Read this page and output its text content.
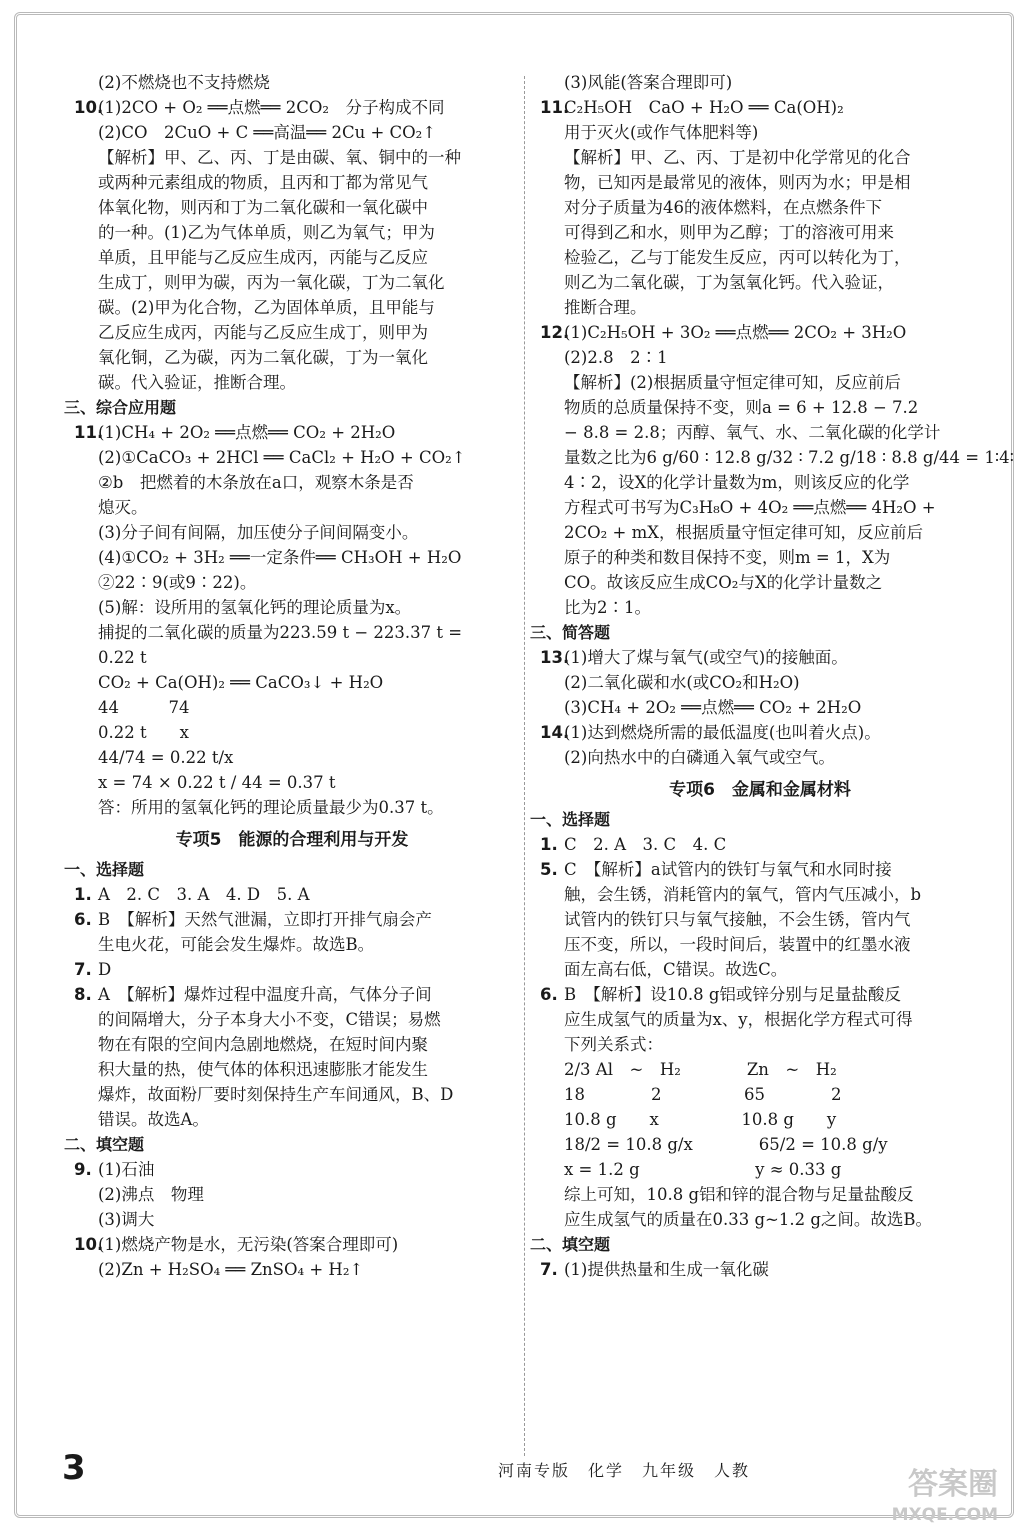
(2)不燃烧也不支持燃烧
10.(1)2CO + O₂ ══点燃══ 2CO₂　分子构成不同
(2)CO　2CuO + C ══高温══ 2Cu + CO₂↑
【解析】甲、乙、丙、丁是由碳、氧、铜中的一种
或两种元素组成的物质，且丙和丁都为常见气
体氧化物，则丙和丁为二氧化碳和一氧化碳中
的一种。(1)乙为气体单质，则乙为氧气；甲为
单质，且甲能与乙反应生成丙，丙能与乙反应
生成丁，则甲为碳，丙为一氧化碳，丁为二氧化
碳。(2)甲为化合物，乙为固体单质，且甲能与
乙反应生成丙，丙能与乙反应生成丁，则甲为
氧化铜，乙为碳，丙为二氧化碳，丁为一氧化
碳。代入验证，推断合理。
三、综合应用题
11.(1)CH₄ + 2O₂ ══点燃══ CO₂ + 2H₂O
(2)①CaCO₃ + 2HCl ══ CaCl₂ + H₂O + CO₂↑
②b　把燃着的木条放在a口，观察木条是否
熄灭。
(3)分子间有间隔，加压使分子间间隔变小。
(4)①CO₂ + 3H₂ ══一定条件══ CH₃OH + H₂O
②22∶9(或9∶22)。
(5)解：设所用的氢氧化钙的理论质量为x。
捕捉的二氧化碳的质量为223.59 t − 223.37 t =
0.22 t
CO₂ + Ca(OH)₂ ══ CaCO₃↓ + H₂O
44　　　74
0.22 t　　x
44/74 = 0.22 t/x
x = 74 × 0.22 t / 44 = 0.37 t
答：所用的氢氧化钙的理论质量最少为0.37 t。
专项5　能源的合理利用与开发
一、选择题
1. A　2. C　3. A　4. D　5. A
6. B　【解析】天然气泄漏，立即打开排气扇会产
生电火花，可能会发生爆炸。故选B。
7. D
8. A　【解析】爆炸过程中温度升高，气体分子间
的间隔增大，分子本身大小不变，C错误；易燃
物在有限的空间内急剧地燃烧，在短时间内聚
积大量的热，使气体的体积迅速膨胀才能发生
爆炸，故面粉厂要时刻保持生产车间通风，B、D
错误。故选A。
二、填空题
9. (1)石油
(2)沸点　物理
(3)调大
10.(1)燃烧产物是水，无污染(答案合理即可)
(2)Zn + H₂SO₄ ══ ZnSO₄ + H₂↑
(3)风能(答案合理即可)
11.C₂H₅OH　CaO + H₂O ══ Ca(OH)₂
用于灭火(或作气体肥料等)
【解析】甲、乙、丙、丁是初中化学常见的化合
物，已知丙是最常见的液体，则丙为水；甲是相
对分子质量为46的液体燃料，在点燃条件下
可得到乙和水，则甲为乙醇；丁的溶液可用来
检验乙，乙与丁能发生反应，丙可以转化为丁，
则乙为二氧化碳，丁为氢氧化钙。代入验证，
推断合理。
12.(1)C₂H₅OH + 3O₂ ══点燃══ 2CO₂ + 3H₂O
(2)2.8　2∶1
【解析】(2)根据质量守恒定律可知，反应前后
物质的总质量保持不变，则a = 6 + 12.8 − 7.2
− 8.8 = 2.8；丙醇、氧气、水、二氧化碳的化学计
量数之比为6 g/60 ∶ 12.8 g/32 ∶ 7.2 g/18 ∶ 8.8 g/44 = 1∶4∶
4∶2，设X的化学计量数为m，则该反应的化学
方程式可书写为C₃H₈O + 4O₂ ══点燃══ 4H₂O +
2CO₂ + mX，根据质量守恒定律可知，反应前后
原子的种类和数目保持不变，则m = 1，X为
CO。故该反应生成CO₂与X的化学计量数之
比为2∶1。
三、简答题
13.(1)增大了煤与氧气(或空气)的接触面。
(2)二氧化碳和水(或CO₂和H₂O)
(3)CH₄ + 2O₂ ══点燃══ CO₂ + 2H₂O
14.(1)达到燃烧所需的最低温度(也叫着火点)。
(2)向热水中的白磷通入氧气或空气。
专项6　金属和金属材料
一、选择题
1. C　2. A　3. C　4. C
5. C　【解析】a试管内的铁钉与氧气和水同时接
触，会生锈，消耗管内的氧气，管内气压减小，b
试管内的铁钉只与氧气接触，不会生锈，管内气
压不变，所以，一段时间后，装置中的红墨水液
面左高右低，C错误。故选C。
6. B　【解析】设10.8 g铝或锌分别与足量盐酸反
应生成氢气的质量为x、y，根据化学方程式可得
下列关系式：
2/3 Al　~　H₂　　　　Zn　~　H₂
18　　　　2　　　　　65　　　　2
10.8 g　　x　　　　　10.8 g　　y
18/2 = 10.8 g/x　　　　65/2 = 10.8 g/y
x = 1.2 g　　　　　　　y ≈ 0.33 g
综上可知，10.8 g铝和锌的混合物与足量盐酸反
应生成氢气的质量在0.33 g~1.2 g之间。故选B。
二、填空题
7. (1)提供热量和生成一氧化碳
3	河南专版　化学　九年级　人教	答案圈
MXQE.COM
